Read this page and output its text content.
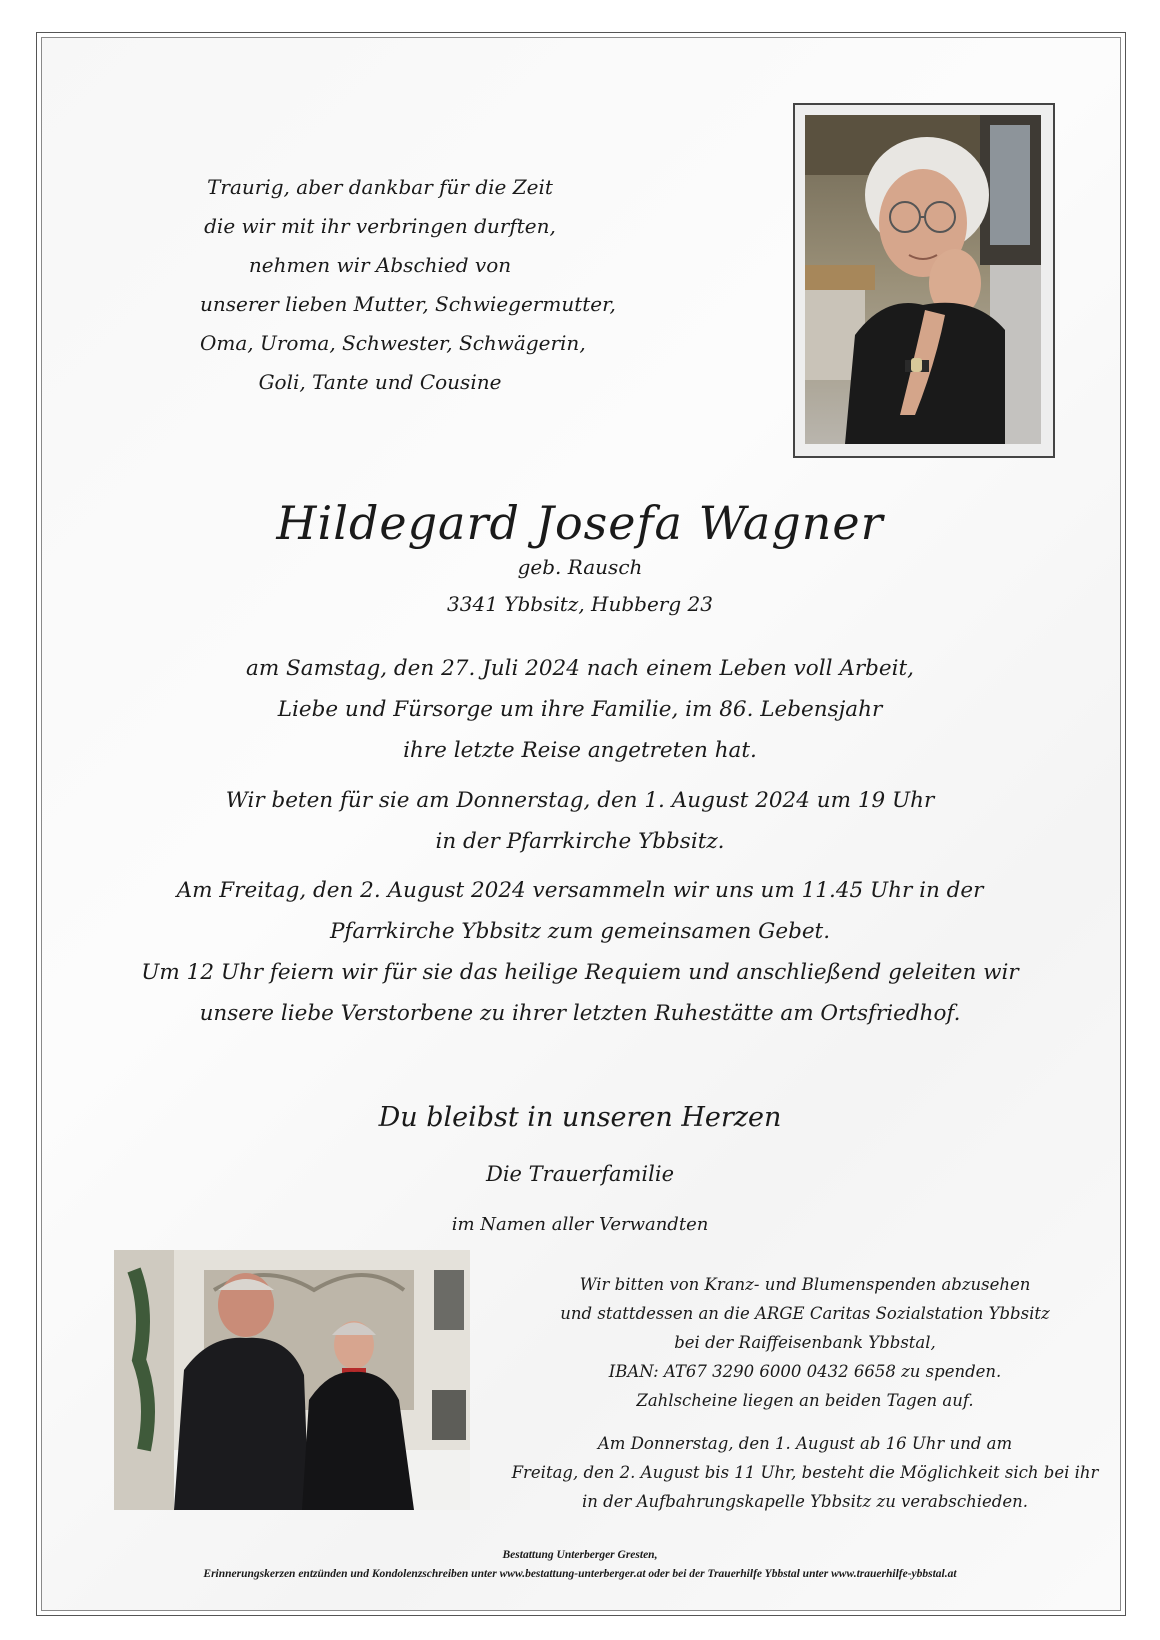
Traurig, aber dankbar für die Zeit
die wir mit ihr verbringen durften,
nehmen wir Abschied von
unserer lieben Mutter, Schwiegermutter,
Oma, Uroma, Schwester, Schwägerin,
Goli, Tante und Cousine
Hildegard Josefa Wagner
geb. Rausch
3341 Ybbsitz, Hubberg 23
am Samstag, den 27. Juli 2024 nach einem Leben voll Arbeit,
Liebe und Fürsorge um ihre Familie, im 86. Lebensjahr
ihre letzte Reise angetreten hat.
Wir beten für sie am Donnerstag, den 1. August 2024 um 19 Uhr
in der Pfarrkirche Ybbsitz.
Am Freitag, den 2. August 2024 versammeln wir uns um 11.45 Uhr in der
Pfarrkirche Ybbsitz zum gemeinsamen Gebet.
Um 12 Uhr feiern wir für sie das heilige Requiem und anschließend geleiten wir
unsere liebe Verstorbene zu ihrer letzten Ruhestätte am Ortsfriedhof.
Du bleibst in unseren Herzen
Die Trauerfamilie
im Namen aller Verwandten
Wir bitten von Kranz- und Blumenspenden abzusehen
und stattdessen an die ARGE Caritas Sozialstation Ybbsitz
bei der Raiffeisenbank Ybbstal,
IBAN: AT67 3290 6000 0432 6658 zu spenden.
Zahlscheine liegen an beiden Tagen auf.
Am Donnerstag, den 1. August ab 16 Uhr und am
Freitag, den 2. August bis 11 Uhr, besteht die Möglichkeit sich bei ihr
in der Aufbahrungskapelle Ybbsitz zu verabschieden.
Bestattung Unterberger Gresten,
Erinnerungskerzen entzünden und Kondolenzschreiben unter www.bestattung-unterberger.at oder bei der Trauerhilfe Ybbstal unter www.trauerhilfe-ybbstal.at
